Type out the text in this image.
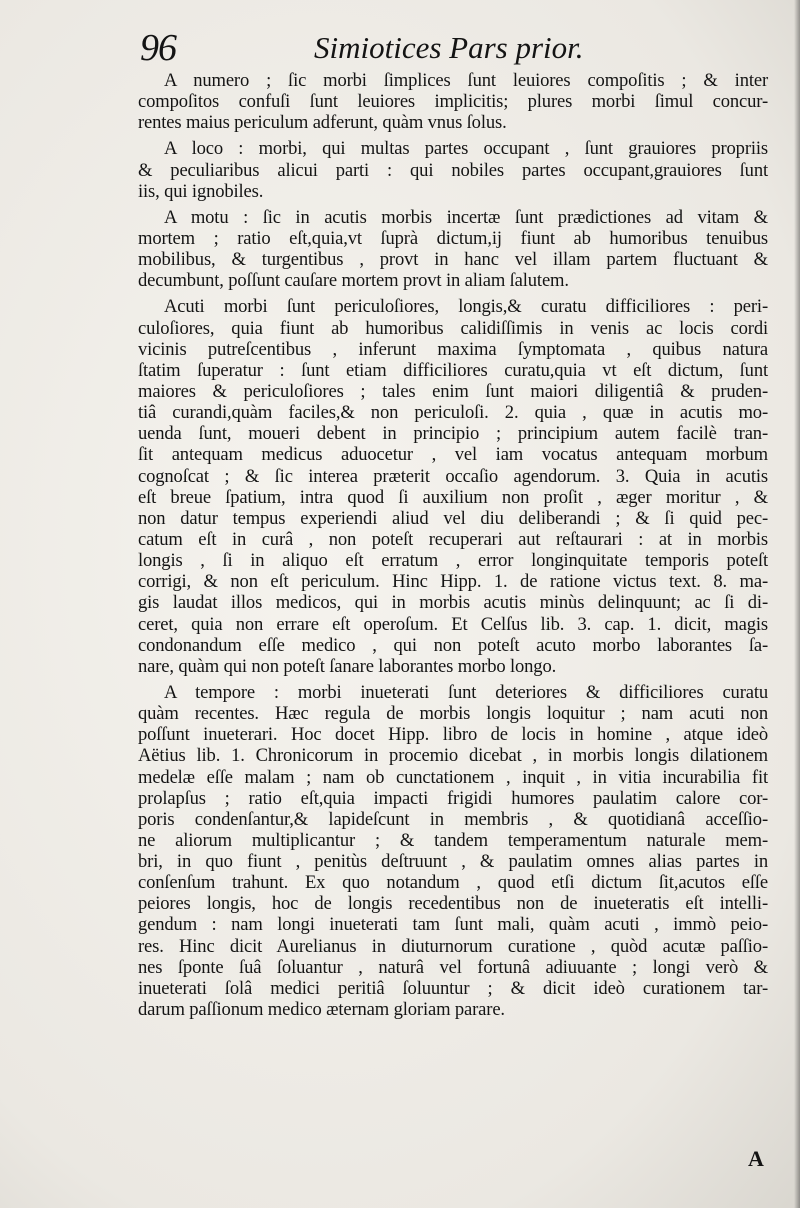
96	Simiotices Pars prior.
A numero ; ſic morbi ſimplices ſunt leuiores compoſitis ; & inter
compoſitos confuſi ſunt leuiores implicitis; plures morbi ſimul concur-
rentes maius periculum adferunt, quàm vnus ſolus.
A loco : morbi, qui multas partes occupant , ſunt grauiores propriis
& peculiaribus alicui parti : qui nobiles partes occupant,grauiores ſunt
iis, qui ignobiles.
A motu : ſic in acutis morbis incertæ ſunt prædictiones ad vitam &
mortem ; ratio eſt,quia,vt ſuprà dictum,ij fiunt ab humoribus tenuibus
mobilibus, & turgentibus , provt in hanc vel illam partem fluctuant &
decumbunt, poſſunt cauſare mortem provt in aliam ſalutem.
Acuti morbi ſunt periculoſiores, longis,& curatu difficiliores : peri-
culoſiores, quia fiunt ab humoribus calidiſſimis in venis ac locis cordi
vicinis putreſcentibus , inferunt maxima ſymptomata , quibus natura
ſtatim ſuperatur : ſunt etiam difficiliores curatu,quia vt eſt dictum, ſunt
maiores & periculoſiores ; tales enim ſunt maiori diligentiâ & pruden-
tiâ curandi,quàm faciles,& non periculoſi. 2. quia , quæ in acutis mo-
uenda ſunt, moueri debent in principio ; principium autem facilè tran-
ſit antequam medicus aduocetur , vel iam vocatus antequam morbum
cognoſcat ; & ſic interea præterit occaſio agendorum. 3. Quia in acutis
eſt breue ſpatium, intra quod ſi auxilium non proſit , æger moritur , &
non datur tempus experiendi aliud vel diu deliberandi ; & ſi quid pec-
catum eſt in curâ , non poteſt recuperari aut reſtaurari : at in morbis
longis , ſi in aliquo eſt erratum , error longinquitate temporis poteſt
corrigi, & non eſt periculum. Hinc Hipp. 1. de ratione victus text. 8. ma-
gis laudat illos medicos, qui in morbis acutis minùs delinquunt; ac ſi di-
ceret, quia non errare eſt operoſum. Et Celſus lib. 3. cap. 1. dicit, magis
condonandum eſſe medico , qui non poteſt acuto morbo laborantes ſa-
nare, quàm qui non poteſt ſanare laborantes morbo longo.
A tempore : morbi inueterati ſunt deteriores & difficiliores curatu
quàm recentes. Hæc regula de morbis longis loquitur ; nam acuti non
poſſunt inueterari. Hoc docet Hipp. libro de locis in homine , atque ideò
Aëtius lib. 1. Chronicorum in procemio dicebat , in morbis longis dilationem
medelæ eſſe malam ; nam ob cunctationem , inquit , in vitia incurabilia fit
prolapſus ; ratio eſt,quia impacti frigidi humores paulatim calore cor-
poris condenſantur,& lapideſcunt in membris , & quotidianâ acceſſio-
ne aliorum multiplicantur ; & tandem temperamentum naturale mem-
bri, in quo fiunt , penitùs deſtruunt , & paulatim omnes alias partes in
conſenſum trahunt. Ex quo notandum , quod etſi dictum ſit,acutos eſſe
peiores longis, hoc de longis recedentibus non de inueteratis eſt intelli-
gendum : nam longi inueterati tam ſunt mali, quàm acuti , immò peio-
res. Hinc dicit Aurelianus in diuturnorum curatione , quòd acutæ paſſio-
nes ſponte ſuâ ſoluantur , naturâ vel fortunâ adiuuante ; longi verò &
inueterati ſolâ medici peritiâ ſoluuntur ; & dicit ideò curationem tar-
darum paſſionum medico æternam gloriam parare.
A
